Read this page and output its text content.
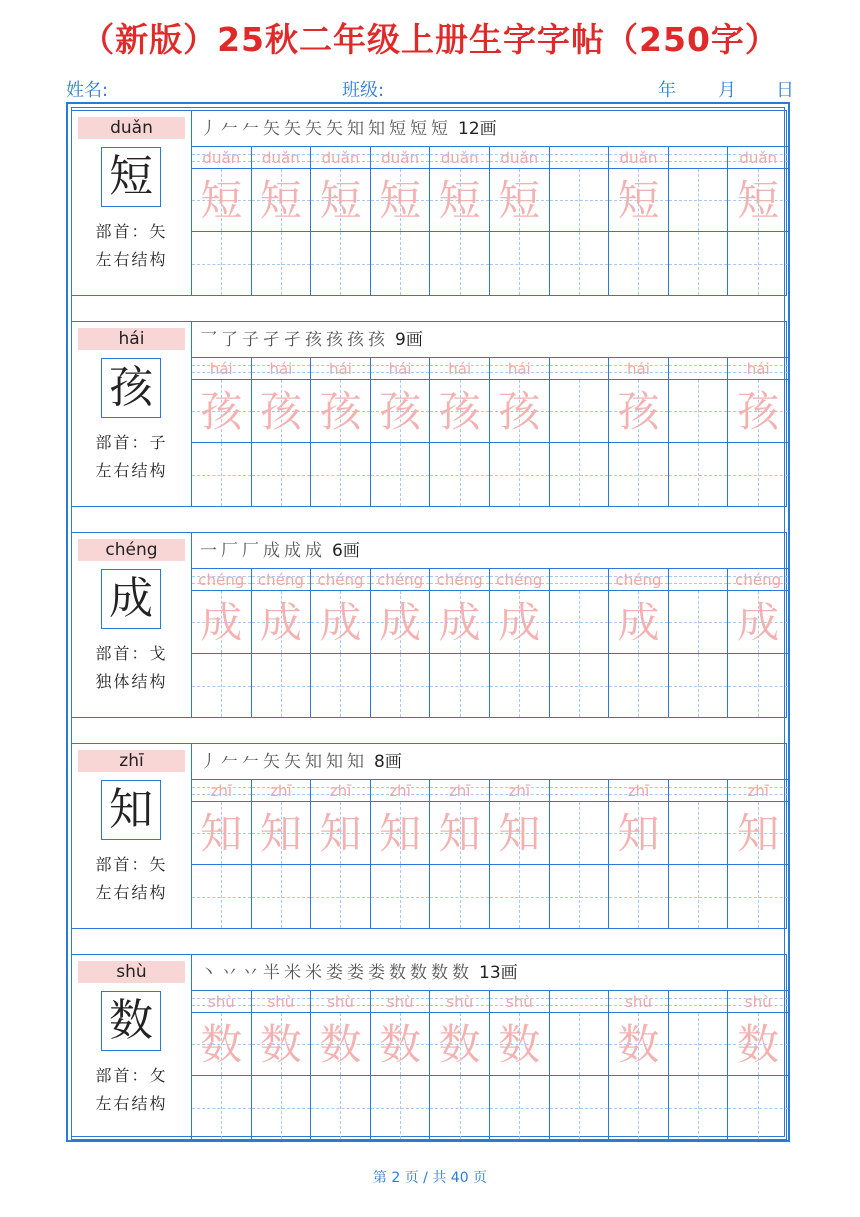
（新版）25秋二年级上册生字字帖（250字）
姓名:	班级:	年 月 日
duǎn
短
部首：矢
左右结构
丿 𠂉 𠂉 矢 矢 矢 矢 知 知 短 短 短 12画
duǎn
短
duǎn
短
duǎn
短
duǎn
短
duǎn
短
duǎn
短
duǎn
短
duǎn
短
hái
孩
部首：子
左右结构
乛 了 子 孑 孑 孩 孩 孩 孩 9画
hái
孩
hái
孩
hái
孩
hái
孩
hái
孩
hái
孩
hái
孩
hái
孩
chéng
成
部首：戈
独体结构
一 厂 厂 成 成 成 6画
chéng
成
chéng
成
chéng
成
chéng
成
chéng
成
chéng
成
chéng
成
chéng
成
zhī
知
部首：矢
左右结构
丿 𠂉 𠂉 矢 矢 知 知 知 8画
zhī
知
zhī
知
zhī
知
zhī
知
zhī
知
zhī
知
zhī
知
zhī
知
shù
数
部首：攵
左右结构
丶 丷 丷 半 米 米 娄 娄 娄 数 数 数 数 13画
shù
数
shù
数
shù
数
shù
数
shù
数
shù
数
shù
数
shù
数
第 2 页 / 共 40 页
